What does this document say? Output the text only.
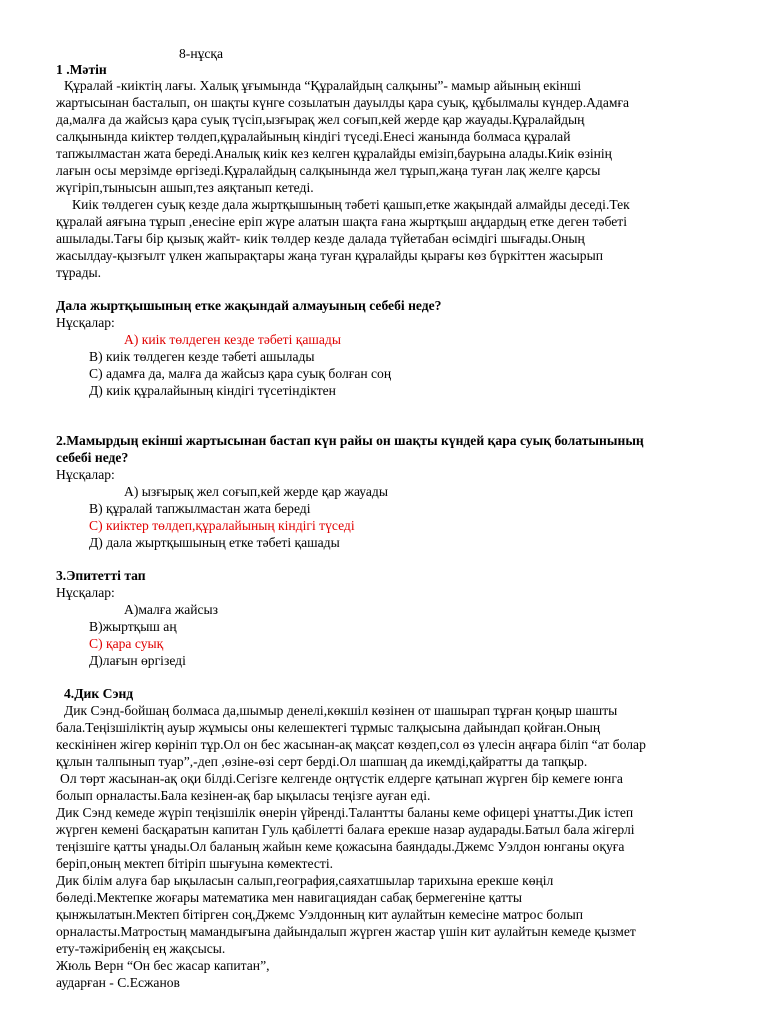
8-нұсқа
1 .Мәтін
Құралай -киіктің лағы. Халық ұғымында “Құралайдың салқыны”- мамыр айының екінші
жартысынан басталып, он шақты күнге созылатын дауылды қара суық, құбылмалы күндер.Адамға
да,малға да жайсыз қара суық түсіп,ызғырақ жел соғып,кей жерде қар жауады.Құралайдың
салқынында киіктер төлдеп,құралайының кіндігі түседі.Енесі жанында болмаса құралай
тапжылмастан жата береді.Аналық киік кез келген құралайды емізіп,баурына алады.Киік өзінің
лағын осы мерзімде өргізеді.Құралайдың салқынында жел тұрып,жаңа туған лақ желге қарсы
жүгіріп,тынысын ашып,тез аяқтанып кетеді.
Киік төлдеген суық кезде дала жыртқышының тәбеті қашып,етке жақындай алмайды деседі.Тек
құралай аяғына тұрып ,енесіне еріп жүре алатын шақта ғана жыртқыш аңдардың етке деген тәбеті
ашылады.Тағы бір қызық жайт- киік төлдер кезде далада түйетабан өсімдігі шығады.Оның
жасылдау-қызғылт үлкен жапырақтары жаңа туған құралайды қырағы көз бүркіттен жасырып
тұрады.
Дала жыртқышының етке жақындай алмауының себебі неде?
Нұсқалар:
А) киік төлдеген кезде тәбеті қашады
В) киік төлдеген кезде тәбеті ашылады
С) адамға да, малға да жайсыз қара суық болған соң
Д) киік құралайының кіндігі түсетіндіктен
2.Мамырдың екінші жартысынан бастап күн райы он шақты күндей қара суық болатынының
себебі неде?
Нұсқалар:
А) ызғырық жел соғып,кей жерде қар жауады
В) құралай тапжылмастан жата береді
С) киіктер төлдеп,құралайының кіндігі түседі
Д) дала жыртқышының етке тәбеті қашады
3.Эпитетті тап
Нұсқалар:
А)малға жайсыз
В)жыртқыш аң
С) қара суық
Д)лағын өргізеді
4.Дик Сэнд
Дик Сэнд-бойшаң болмаса да,шымыр денелі,көкшіл көзінен от шашырап тұрған қоңыр шашты
бала.Теңізшіліктің ауыр жұмысы оны келешектегі тұрмыс талқысына дайындап қойған.Оның
кескінінен жігер көрініп тұр.Ол он бес жасынан-ақ мақсат көздеп,сол өз үлесін аңғара біліп “ат болар
құлын талпынып туар”,-деп ,өзіне-өзі серт берді.Ол шапшаң да икемді,қайратты да тапқыр.
Ол төрт жасынан-ақ оқи білді.Сегізге келгенде оңтүстік елдерге қатынап жүрген бір кемеге юнга
болып орналасты.Бала кезінен-ақ бар ықыласы теңізге ауған еді.
Дик Сэнд кемеде жүріп теңізшілік өнерін үйренді.Талантты баланы кеме офицері ұнатты.Дик істеп
жүрген кемені басқаратын капитан Гуль қабілетті балаға ерекше назар аударады.Батыл бала жігерлі
теңізшіге қатты ұнады.Ол баланың жайын кеме қожасына баяндады.Джемс Уэлдон юнганы оқуға
беріп,оның мектеп бітіріп шығуына көмектесті.
Дик білім алуға бар ықыласын салып,география,саяхатшылар тарихына ерекше көңіл
бөледі.Мектепке жоғары математика мен навигациядан сабақ бермегеніне қатты
қынжылатын.Мектеп бітірген соң,Джемс Уэлдонның кит аулайтын кемесіне матрос болып
орналасты.Матростың мамандығына дайындалып жүрген жастар үшін кит аулайтын кемеде қызмет
ету-тәжірибенің ең жақсысы.
Жюль Верн “Он бес жасар капитан”,
аударған - С.Есжанов
